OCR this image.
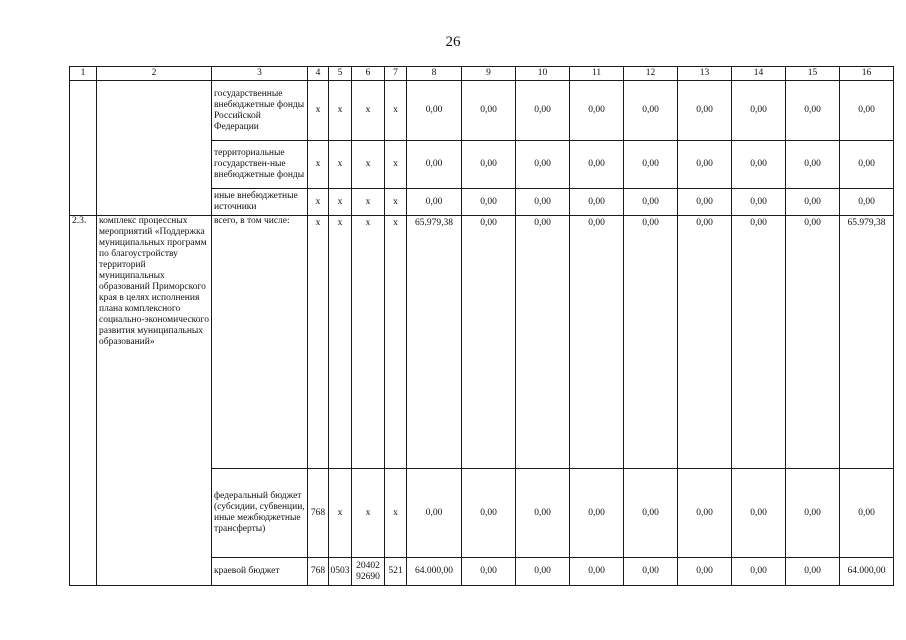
26
1	2	3	4	5	6	7	8	9	10	11	12	13	14	15	16
		государственные внебюджетные фонды Российской Федерации	x	x	x	x	0,00	0,00	0,00	0,00	0,00	0,00	0,00	0,00	0,00
		территориальные государствен-ные внебюджетные фонды	x	x	x	x	0,00	0,00	0,00	0,00	0,00	0,00	0,00	0,00	0,00
		иные внебюджетные источники	x	x	x	x	0,00	0,00	0,00	0,00	0,00	0,00	0,00	0,00	0,00
2.3.	комплекс процессных мероприятий «Поддержка муниципальных программ по благоустройству территорий муниципальных образований Приморского края в целях исполнения плана комплексного социально-экономического развития муниципальных образований»	всего, в том числе:	x	x	x	x	65.979,38	0,00	0,00	0,00	0,00	0,00	0,00	0,00	65.979,38
		федеральный бюджет (субсидии, субвенции, иные межбюджетные трансферты)	768	x	x	x	0,00	0,00	0,00	0,00	0,00	0,00	0,00	0,00	0,00
		краевой бюджет	768	0503	20402 92690	521	64.000,00	0,00	0,00	0,00	0,00	0,00	0,00	0,00	64.000,00
